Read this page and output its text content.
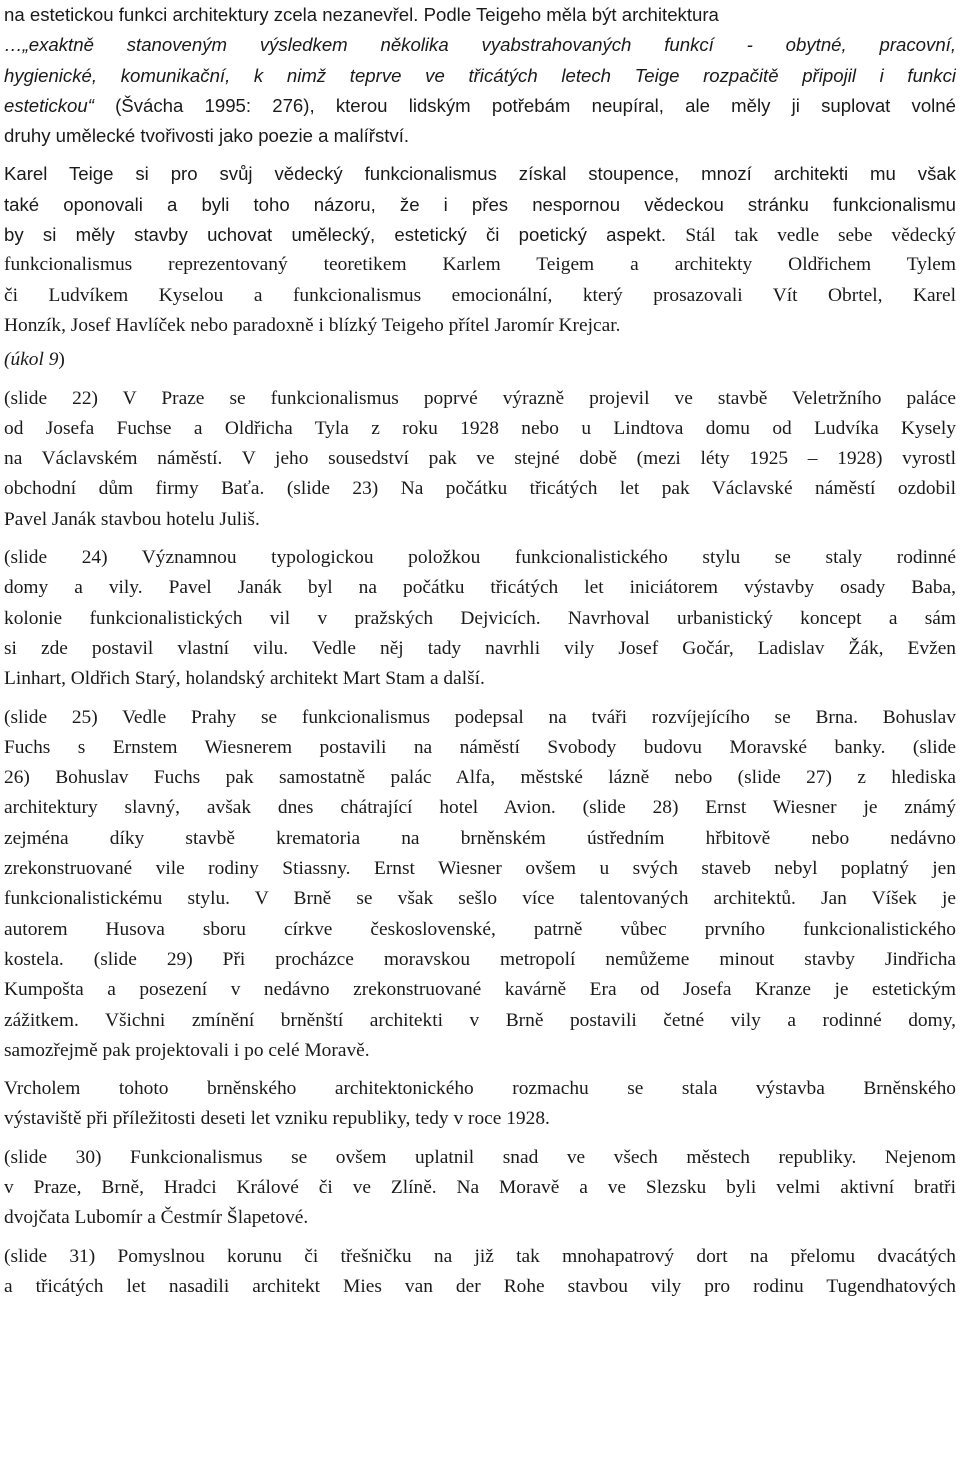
na estetickou funkci architektury zcela nezanevřel. Podle Teigeho měla být architektura
…„exaktně stanoveným výsledkem několika vyabstrahovaných funkcí - obytné, pracovní,
hygienické, komunikační, k nimž teprve ve třicátých letech Teige rozpačitě připojil i funkci
estetickou“ (Švácha 1995: 276), kterou lidským potřebám neupíral, ale měly ji suplovat volné
druhy umělecké tvořivosti jako poezie a malířství.
Karel Teige si pro svůj vědecký funkcionalismus získal stoupence, mnozí architekti mu však
také oponovali a byli toho názoru, že i přes nespornou vědeckou stránku funkcionalismu
by si měly stavby uchovat umělecký, estetický či poetický aspekt. Stál tak vedle sebe vědecký
funkcionalismus reprezentovaný teoretikem Karlem Teigem a architekty Oldřichem Tylem
či Ludvíkem Kyselou a funkcionalismus emocionální, který prosazovali Vít Obrtel, Karel
Honzík, Josef Havlíček nebo paradoxně i blízký Teigeho přítel Jaromír Krejcar.
(úkol 9)
(slide 22) V Praze se funkcionalismus poprvé výrazně projevil ve stavbě Veletržního paláce
od Josefa Fuchse a Oldřicha Tyla z roku 1928 nebo u Lindtova domu od Ludvíka Kysely
na Václavském náměstí. V jeho sousedství pak ve stejné době (mezi léty 1925 – 1928) vyrostl
obchodní dům firmy Baťa. (slide 23) Na počátku třicátých let pak Václavské náměstí ozdobil
Pavel Janák stavbou hotelu Juliš.
(slide 24) Významnou typologickou položkou funkcionalistického stylu se staly rodinné
domy a vily. Pavel Janák byl na počátku třicátých let iniciátorem výstavby osady Baba,
kolonie funkcionalistických vil v pražských Dejvicích. Navrhoval urbanistický koncept a sám
si zde postavil vlastní vilu. Vedle něj tady navrhli vily Josef Gočár, Ladislav Žák, Evžen
Linhart, Oldřich Starý, holandský architekt Mart Stam a další.
(slide 25) Vedle Prahy se funkcionalismus podepsal na tváři rozvíjejícího se Brna. Bohuslav
Fuchs s Ernstem Wiesnerem postavili na náměstí Svobody budovu Moravské banky. (slide
26) Bohuslav Fuchs pak samostatně palác Alfa, městské lázně nebo (slide 27) z hlediska
architektury slavný, avšak dnes chátrající hotel Avion. (slide 28) Ernst Wiesner je známý
zejména díky stavbě krematoria na brněnském ústředním hřbitově nebo nedávno
zrekonstruované vile rodiny Stiassny. Ernst Wiesner ovšem u svých staveb nebyl poplatný jen
funkcionalistickému stylu. V Brně se však sešlo více talentovaných architektů. Jan Víšek je
autorem Husova sboru církve československé, patrně vůbec prvního funkcionalistického
kostela. (slide 29) Při procházce moravskou metropolí nemůžeme minout stavby Jindřicha
Kumpošta a posezení v nedávno zrekonstruované kavárně Era od Josefa Kranze je estetickým
zážitkem. Všichni zmínění brněnští architekti v Brně postavili četné vily a rodinné domy,
samozřejmě pak projektovali i po celé Moravě.
Vrcholem tohoto brněnského architektonického rozmachu se stala výstavba Brněnského
výstaviště při příležitosti deseti let vzniku republiky, tedy v roce 1928.
(slide 30) Funkcionalismus se ovšem uplatnil snad ve všech městech republiky. Nejenom
v Praze, Brně, Hradci Králové či ve Zlíně. Na Moravě a ve Slezsku byli velmi aktivní bratři
dvojčata Lubomír a Čestmír Šlapetové.
(slide 31) Pomyslnou korunu či třešničku na již tak mnohapatrový dort na přelomu dvacátých
a třicátých let nasadili architekt Mies van der Rohe stavbou vily pro rodinu Tugendhatových
